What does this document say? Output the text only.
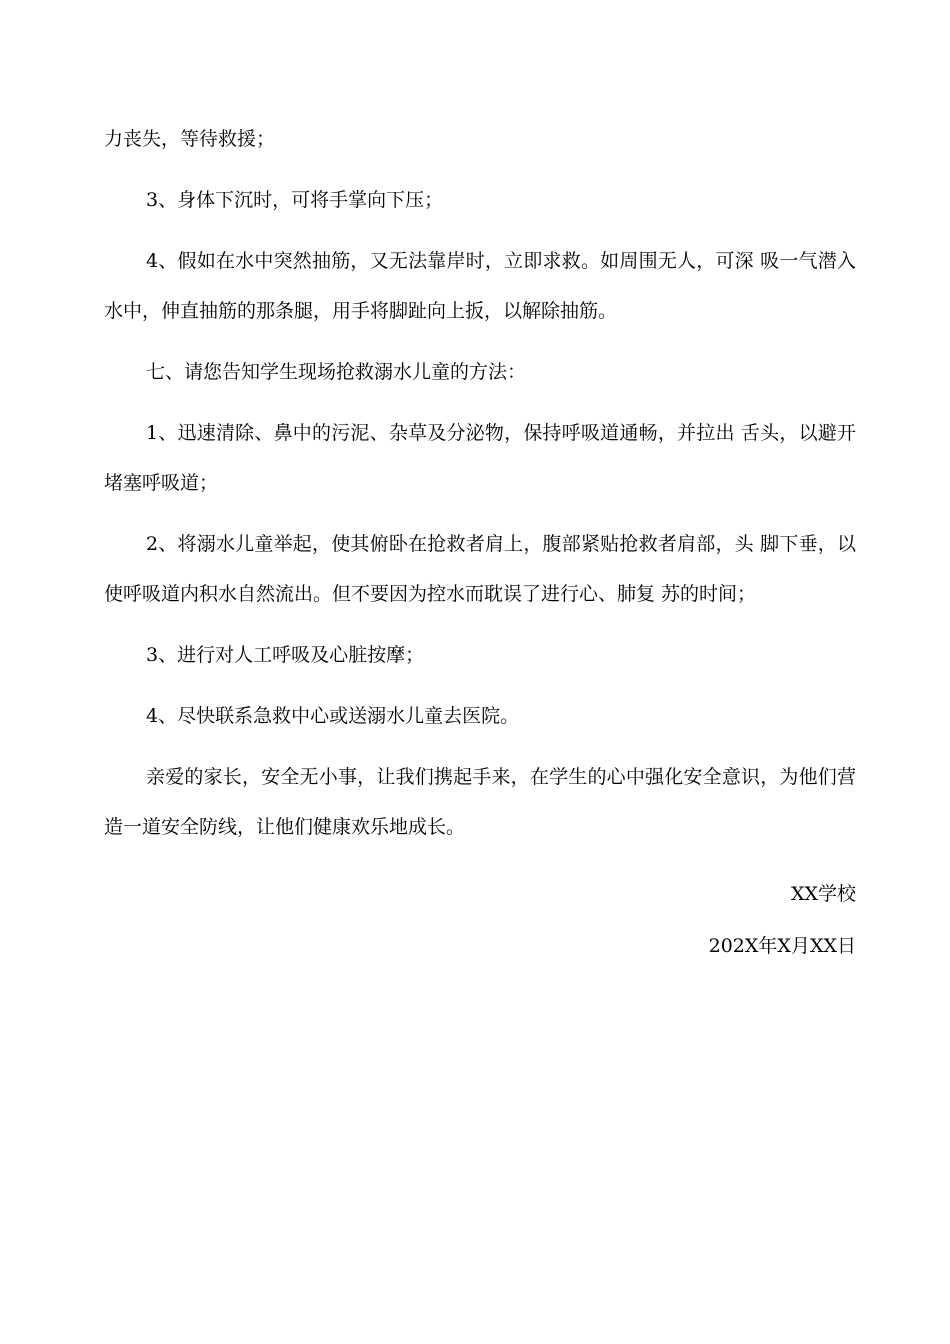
力丧失，等待救援；

3、身体下沉时，可将手掌向下压；

4、假如在水中突然抽筋，又无法靠岸时，立即求救。如周围无人，可深 吸一气潜入水中，伸直抽筋的那条腿，用手将脚趾向上扳，以解除抽筋。

七、请您告知学生现场抢救溺水儿童的方法：

1、迅速清除、鼻中的污泥、杂草及分泌物，保持呼吸道通畅，并拉出 舌头，以避开堵塞呼吸道；

2、将溺水儿童举起，使其俯卧在抢救者肩上，腹部紧贴抢救者肩部，头 脚下垂，以使呼吸道内积水自然流出。但不要因为控水而耽误了进行心、肺复 苏的时间；

3、进行对人工呼吸及心脏按摩；

4、尽快联系急救中心或送溺水儿童去医院。

亲爱的家长，安全无小事，让我们携起手来，在学生的心中强化安全意识，为他们营造一道安全防线，让他们健康欢乐地成长。

XX学校
202X年X月XX日
